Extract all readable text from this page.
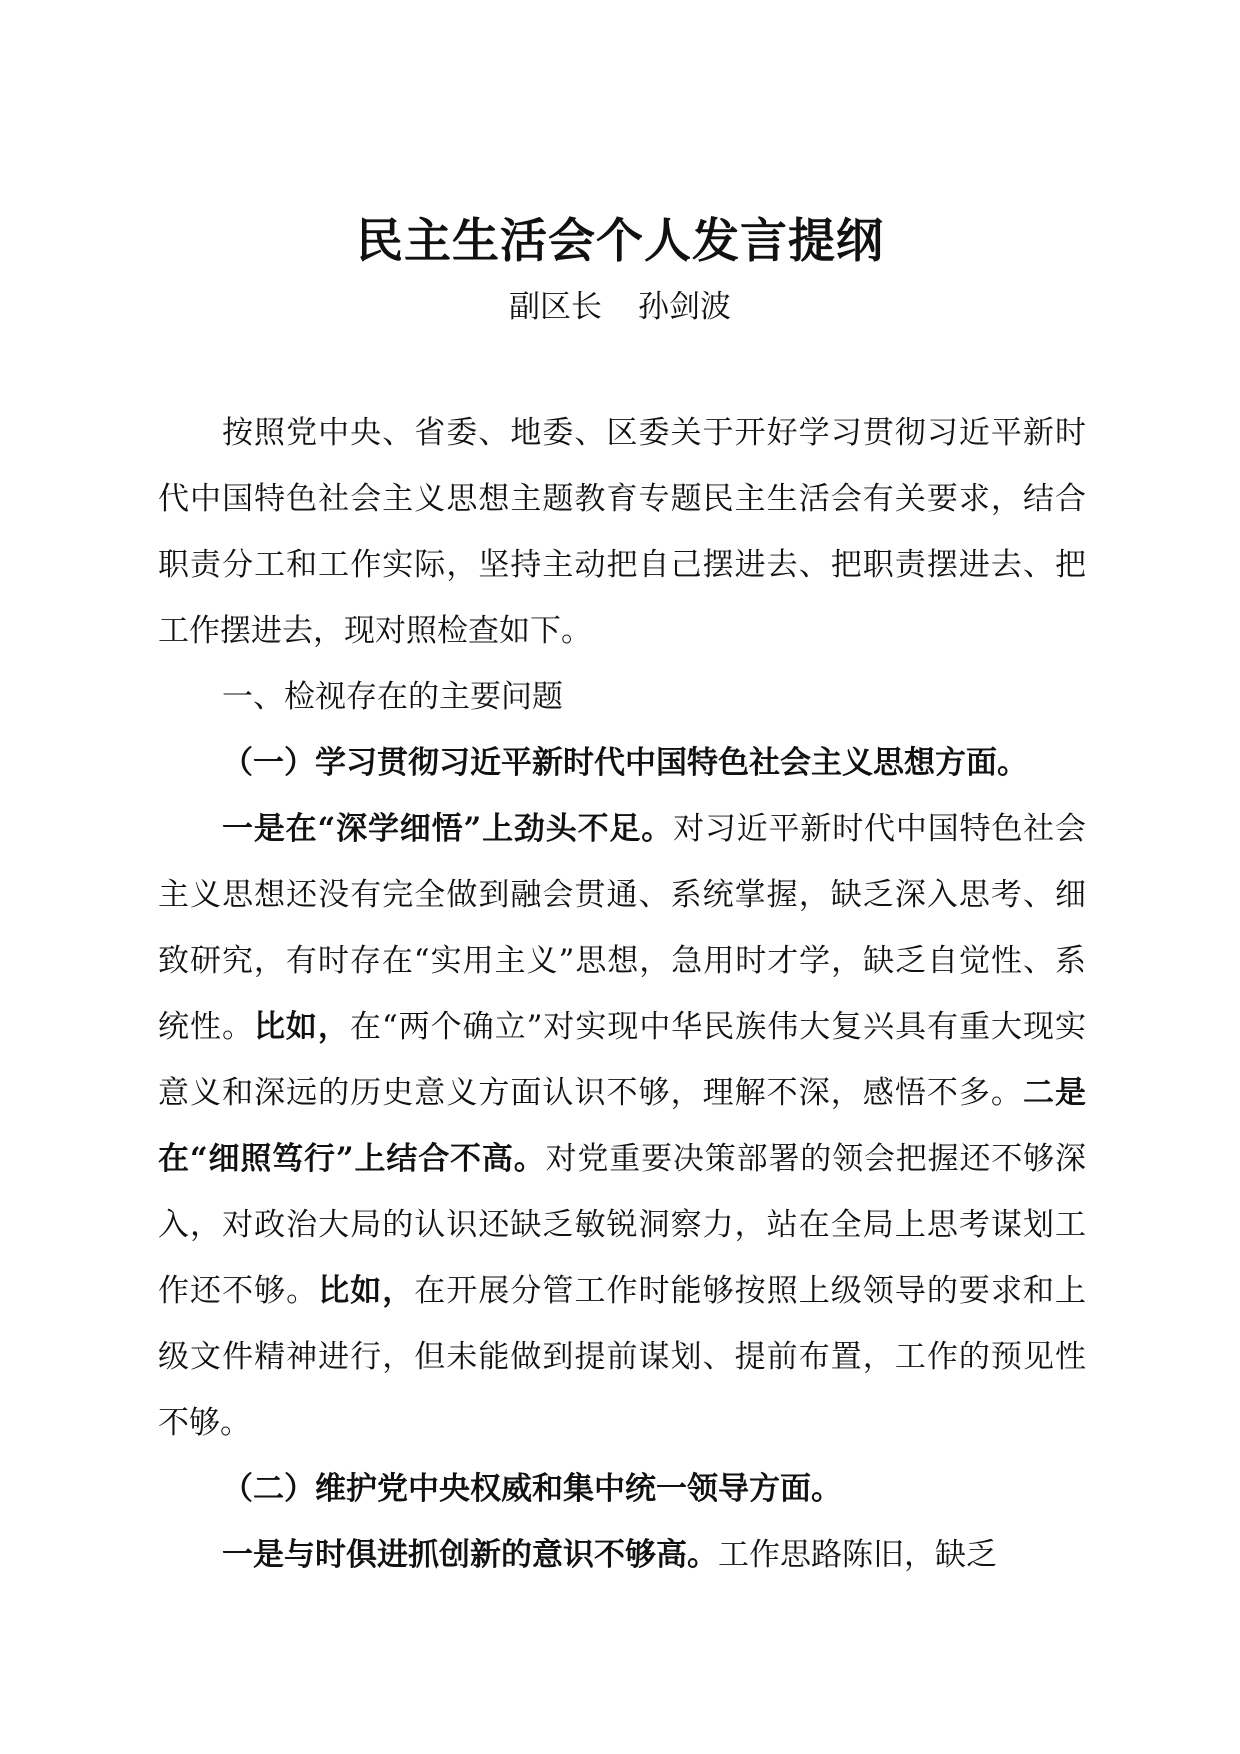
民主生活会个人发言提纲
副区长 孙剑波

按照党中央、省委、地委、区委关于开好学习贯彻习近平新时代中国特色社会主义思想主题教育专题民主生活会有关要求，结合职责分工和工作实际，坚持主动把自己摆进去、把职责摆进去、把工作摆进去，现对照检查如下。

一、检视存在的主要问题

（一）学习贯彻习近平新时代中国特色社会主义思想方面。

一是在“深学细悟”上劲头不足。对习近平新时代中国特色社会主义思想还没有完全做到融会贯通、系统掌握，缺乏深入思考、细致研究，有时存在“实用主义”思想，急用时才学，缺乏自觉性、系统性。比如，在“两个确立”对实现中华民族伟大复兴具有重大现实意义和深远的历史意义方面认识不够，理解不深，感悟不多。二是在“细照笃行”上结合不高。对党重要决策部署的领会把握还不够深入，对政治大局的认识还缺乏敏锐洞察力，站在全局上思考谋划工作还不够。比如，在开展分管工作时能够按照上级领导的要求和上级文件精神进行，但未能做到提前谋划、提前布置，工作的预见性不够。

（二）维护党中央权威和集中统一领导方面。

一是与时俱进抓创新的意识不够高。工作思路陈旧，缺乏
